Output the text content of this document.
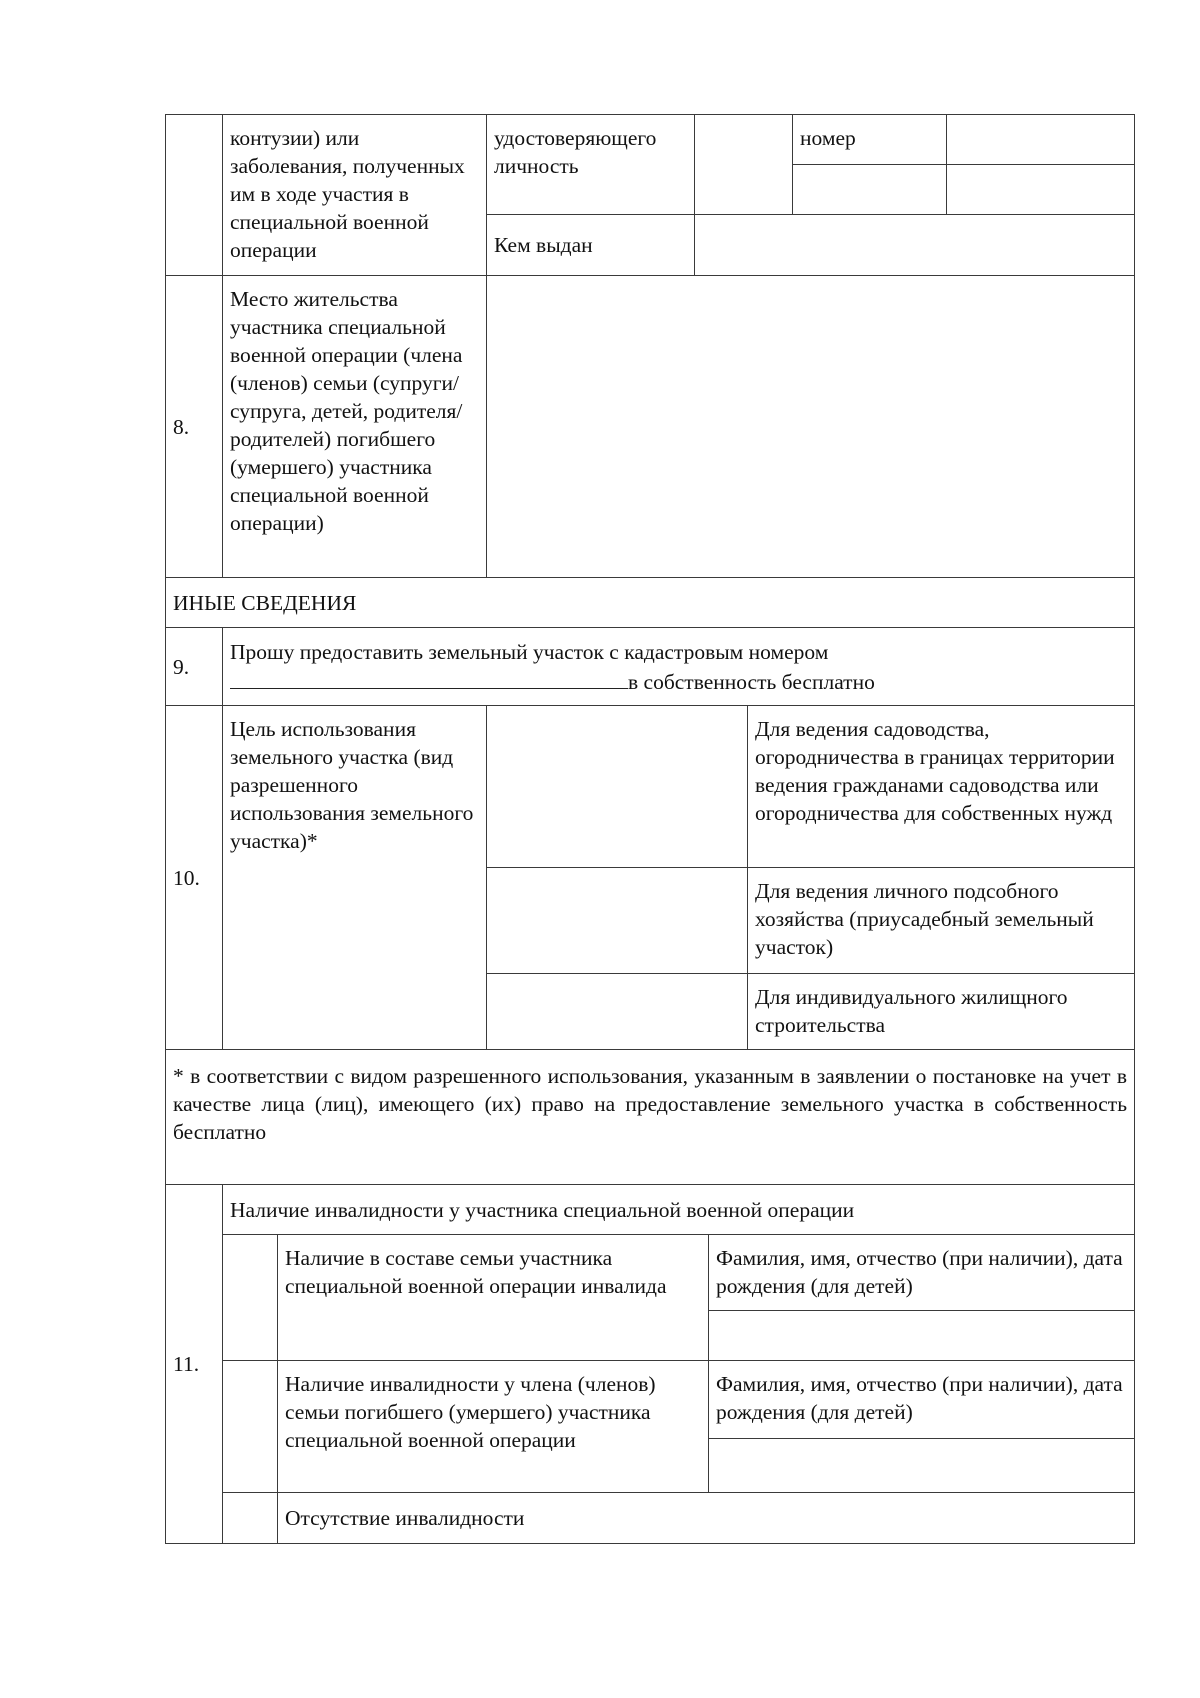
контузии) или заболевания, полученных им в ходе участия в специальной военной операции
удостоверяющего личность
номер
Кем выдан
8.
Место жительства участника специальной военной операции (члена (членов) семьи (супруги/супруга, детей, родителя/родителей) погибшего (умершего) участника специальной военной операции)
ИНЫЕ СВЕДЕНИЯ
9.
Прошу предоставить земельный участок с кадастровым номером
в собственность бесплатно
10.
Цель использования земельного участка (вид разрешенного использования земельного участка)*
Для ведения садоводства, огородничества в границах территории ведения гражданами садоводства или огородничества для собственных нужд
Для ведения личного подсобного хозяйства (приусадебный земельный участок)
Для индивидуального жилищного строительства
* в соответствии с видом разрешенного использования, указанным в заявлении о постановке на учет в качестве лица (лиц), имеющего (их) право на предоставление земельного участка в собственность бесплатно
11.
Наличие инвалидности у участника специальной военной операции
Наличие в составе семьи участника специальной военной операции инвалида
Фамилия, имя, отчество (при наличии), дата рождения (для детей)
Наличие инвалидности у члена (членов) семьи погибшего (умершего) участника специальной военной операции
Фамилия, имя, отчество (при наличии), дата рождения (для детей)
Отсутствие инвалидности
